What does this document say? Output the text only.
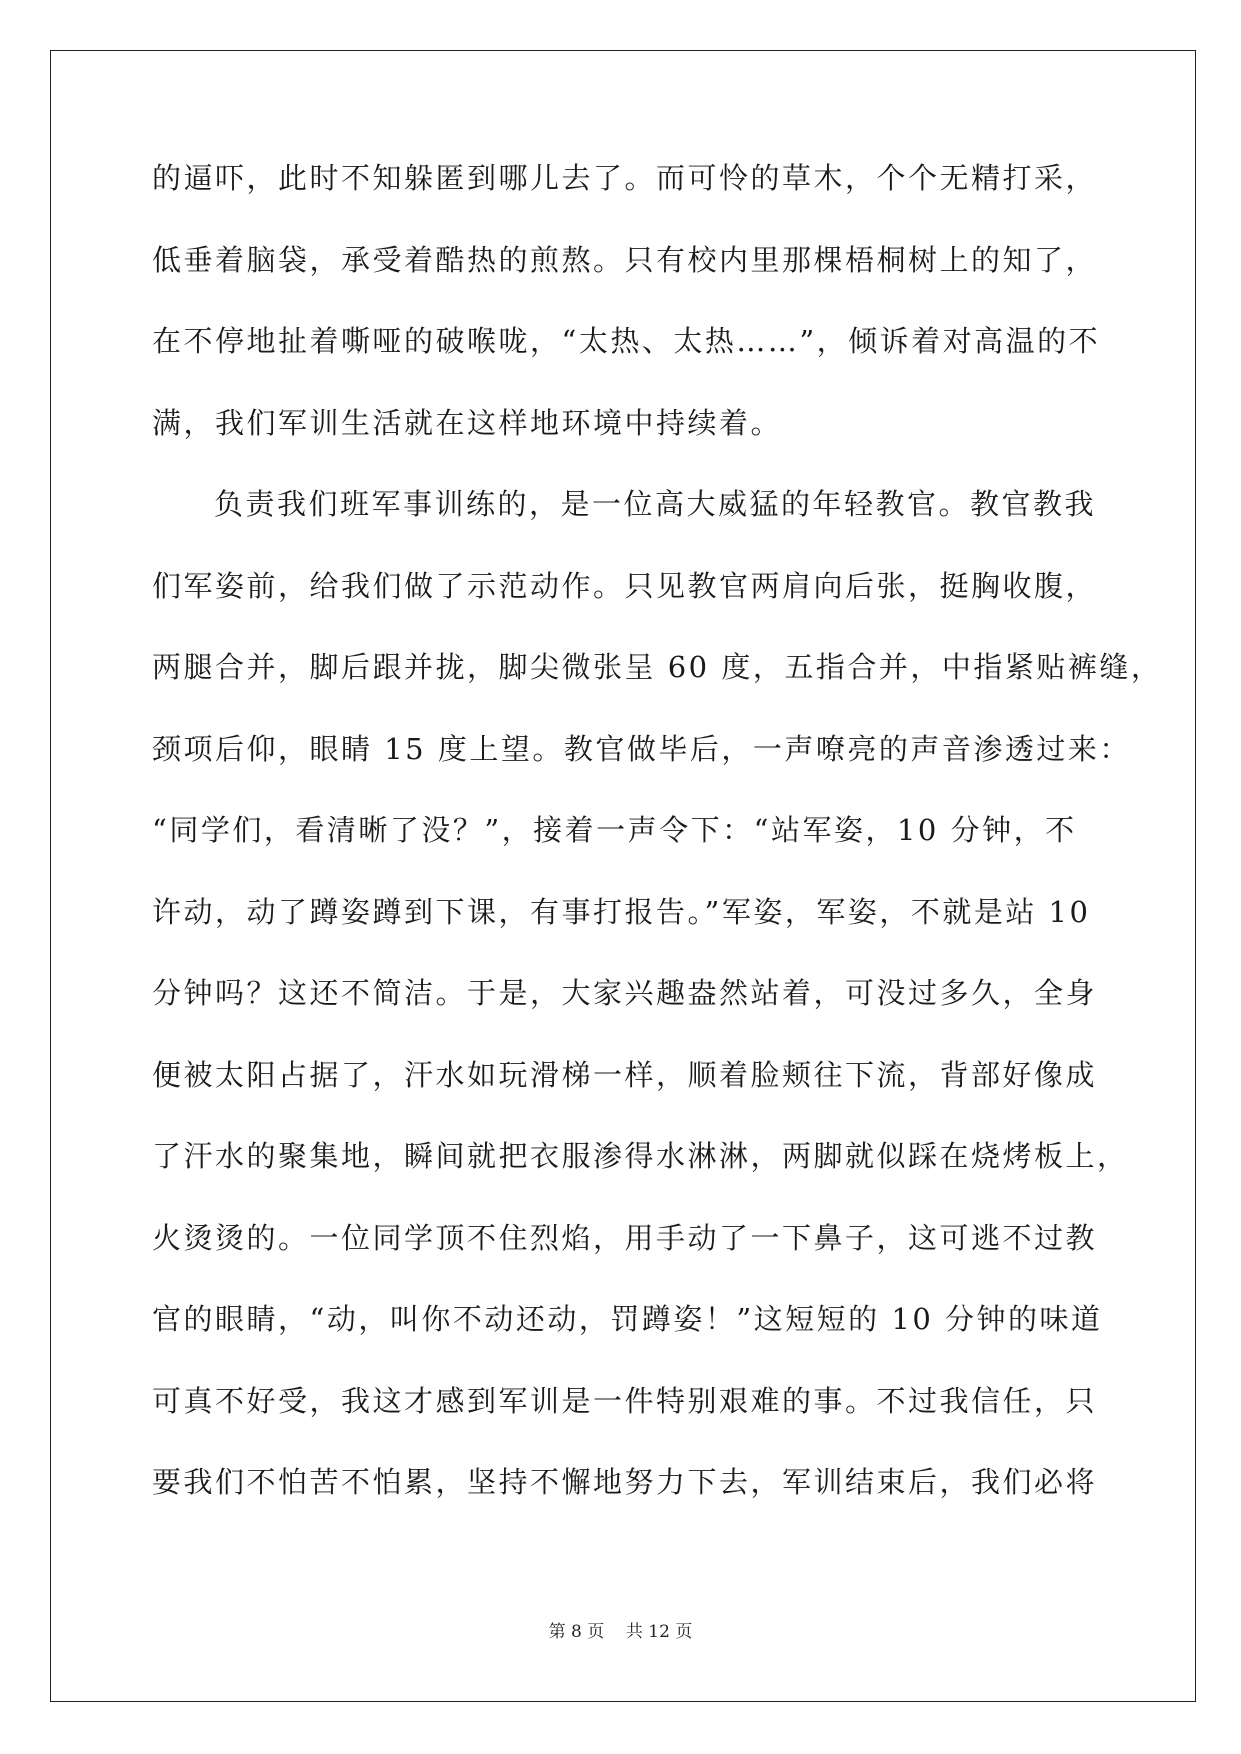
的逼吓，此时不知躲匿到哪儿去了。而可怜的草木，个个无精打采，
低垂着脑袋，承受着酷热的煎熬。只有校内里那棵梧桐树上的知了，
在不停地扯着嘶哑的破喉咙，“太热、太热……”，倾诉着对高温的不
满，我们军训生活就在这样地环境中持续着。
负责我们班军事训练的，是一位高大威猛的年轻教官。教官教我
们军姿前，给我们做了示范动作。只见教官两肩向后张，挺胸收腹，
两腿合并，脚后跟并拢，脚尖微张呈 60 度，五指合并，中指紧贴裤缝，
颈项后仰，眼睛 15 度上望。教官做毕后，一声嘹亮的声音渗透过来：
“同学们，看清晰了没？”，接着一声令下：“站军姿，10 分钟，不
许动，动了蹲姿蹲到下课，有事打报告。”军姿，军姿，不就是站 10
分钟吗？这还不简洁。于是，大家兴趣盎然站着，可没过多久，全身
便被太阳占据了，汗水如玩滑梯一样，顺着脸颊往下流，背部好像成
了汗水的聚集地，瞬间就把衣服渗得水淋淋，两脚就似踩在烧烤板上，
火烫烫的。一位同学顶不住烈焰，用手动了一下鼻子，这可逃不过教
官的眼睛，“动，叫你不动还动，罚蹲姿！”这短短的 10 分钟的味道
可真不好受，我这才感到军训是一件特别艰难的事。不过我信任，只
要我们不怕苦不怕累，坚持不懈地努力下去，军训结束后，我们必将
第 8 页 共 12 页
